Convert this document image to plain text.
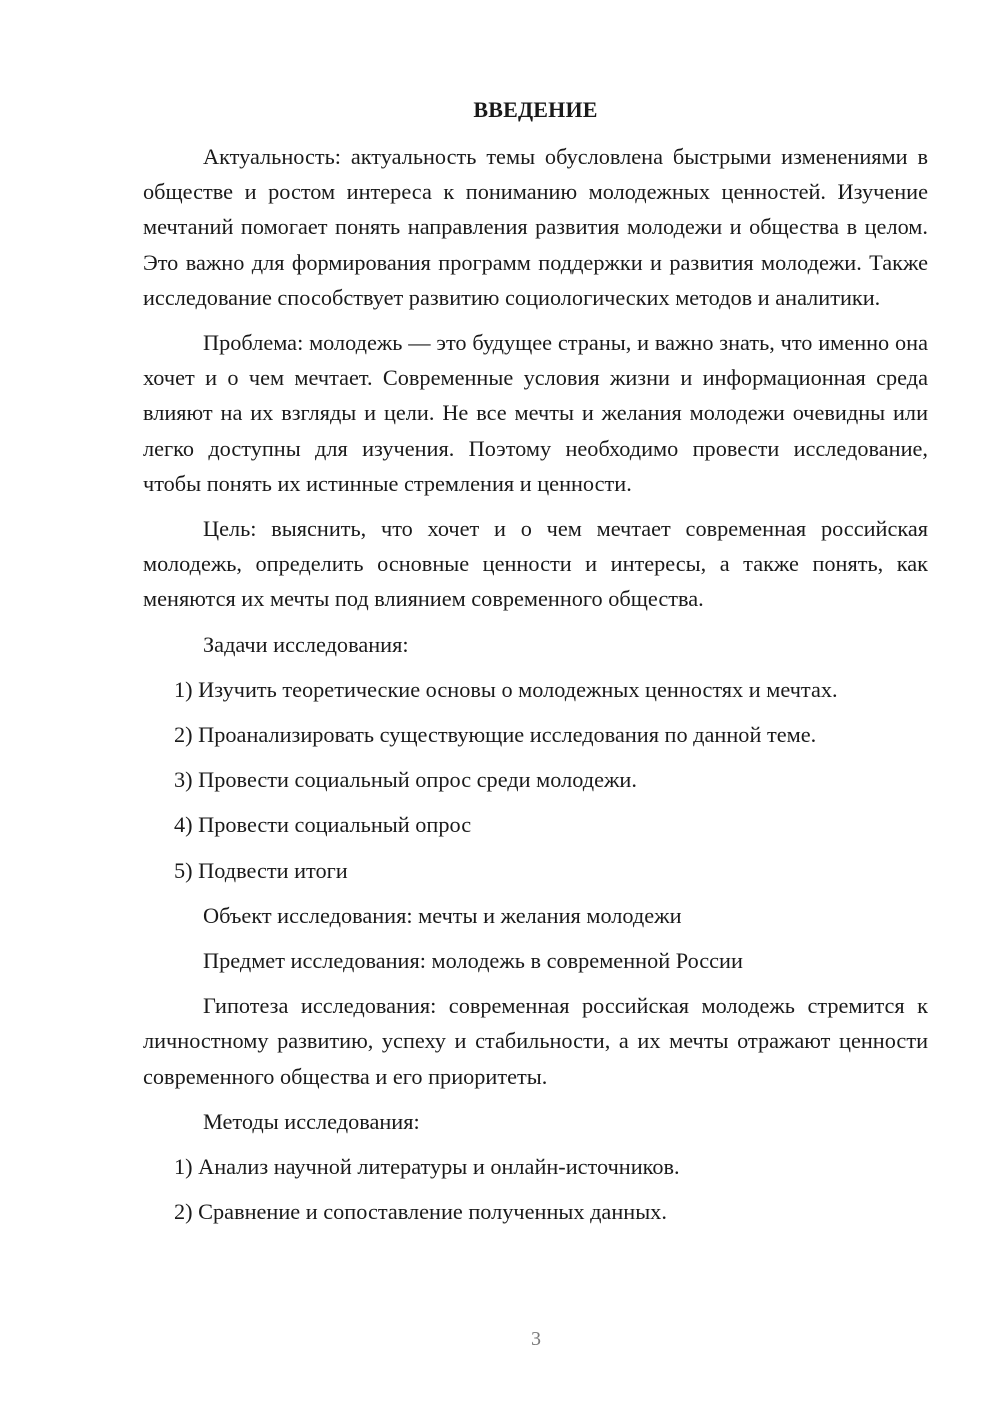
ВВЕДЕНИЕ

Актуальность: актуальность темы обусловлена быстрыми изменениями в обществе и ростом интереса к пониманию молодежных ценностей. Изучение мечтаний помогает понять направления развития молодежи и общества в целом. Это важно для формирования программ поддержки и развития молодежи. Также исследование способствует развитию социологических методов и аналитики.

Проблема: молодежь — это будущее страны, и важно знать, что именно она хочет и о чем мечтает. Современные условия жизни и информационная среда влияют на их взгляды и цели. Не все мечты и желания молодежи очевидны или легко доступны для изучения. Поэтому необходимо провести исследование, чтобы понять их истинные стремления и ценности.

Цель: выяснить, что хочет и о чем мечтает современная российская молодежь, определить основные ценности и интересы, а также понять, как меняются их мечты под влиянием современного общества.

Задачи исследования:
1) Изучить теоретические основы о молодежных ценностях и мечтах.
2) Проанализировать существующие исследования по данной теме.
3) Провести социальный опрос среди молодежи.
4) Провести социальный опрос
5) Подвести итоги
Объект исследования: мечты и желания молодежи
Предмет исследования: молодежь в современной России

Гипотеза исследования: современная российская молодежь стремится к личностному развитию, успеху и стабильности, а их мечты отражают ценности современного общества и его приоритеты.

Методы исследования:
1) Анализ научной литературы и онлайн-источников.
2) Сравнение и сопоставление полученных данных.
3
